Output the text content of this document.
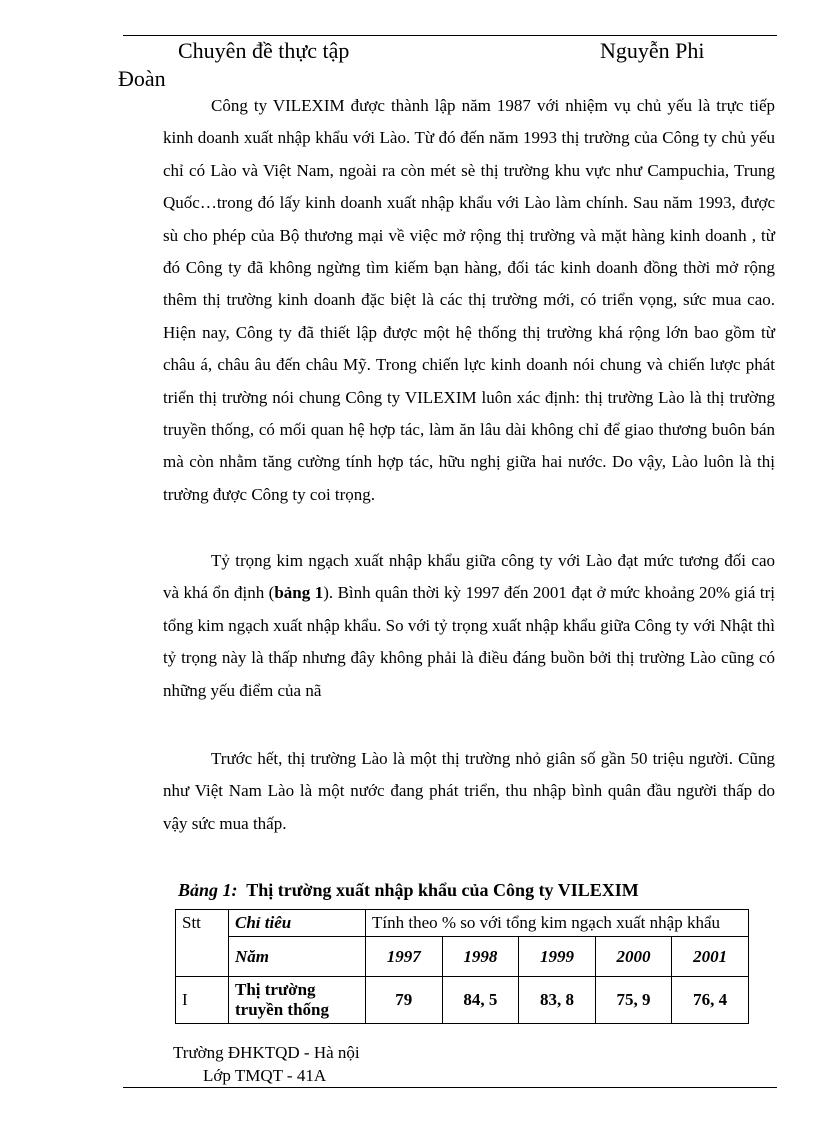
Chuyên đề thực tập	Nguyễn Phi
Đoàn

Công ty VILEXIM được thành lập năm 1987 với nhiệm vụ chủ yếu là trực tiếp kinh doanh xuất nhập khẩu với Lào. Từ đó đến năm 1993 thị trường của Công ty chủ yếu chỉ có Lào và Việt Nam, ngoài ra còn mét sè thị trường khu vực như Campuchia, Trung Quốc…trong đó lấy kinh doanh xuất nhập khẩu với Lào làm chính. Sau năm 1993, được sù cho phép của Bộ thương mại về việc mở rộng thị trường và mặt hàng kinh doanh , từ đó Công ty đã không ngừng tìm kiếm bạn hàng, đối tác kinh doanh đồng thời mở rộng thêm thị trường kinh doanh đặc biệt là các thị trường mới, có triển vọng, sức mua cao. Hiện nay, Công ty đã thiết lập được một hệ thống thị trường khá rộng lớn bao gồm từ châu á, châu âu đến châu Mỹ. Trong chiến lực kinh doanh nói chung và chiến lược phát triển thị trường nói chung Công ty VILEXIM luôn xác định: thị trường Lào là thị trường truyền thống, có mối quan hệ hợp tác, làm ăn lâu dài không chỉ để giao thương buôn bán mà còn nhằm tăng cường tính hợp tác, hữu nghị giữa hai nước. Do vậy, Lào luôn là thị trường được Công ty coi trọng.

Tỷ trọng kim ngạch xuất nhập khẩu giữa công ty với Lào đạt mức tương đối cao và khá ổn định (bảng 1). Bình quân thời kỳ 1997 đến 2001 đạt ở mức khoảng 20% giá trị tổng kim ngạch xuất nhập khẩu. So với tỷ trọng xuất nhập khẩu giữa Công ty với Nhật thì tỷ trọng này là thấp nhưng đây không phải là điều đáng buồn bởi thị trường Lào cũng có những yếu điểm của nã

Trước hết, thị trường Lào là một thị trường nhỏ giân số gần 50 triệu người. Cũng như Việt Nam Lào là một nước đang phát triển, thu nhập bình quân đầu người thấp do vậy sức mua thấp.

Bảng 1: Thị trường xuất nhập khẩu của Công ty VILEXIM
Stt	Chỉ tiêu	Tính theo % so với tổng kim ngạch xuất nhập khẩu				
	Năm	1997	1998	1999	2000	2001
I	Thị trường truyền thống	79	84, 5	83, 8	75, 9	76, 4
Trường ĐHKTQD - Hà nội
Lớp TMQT - 41A
